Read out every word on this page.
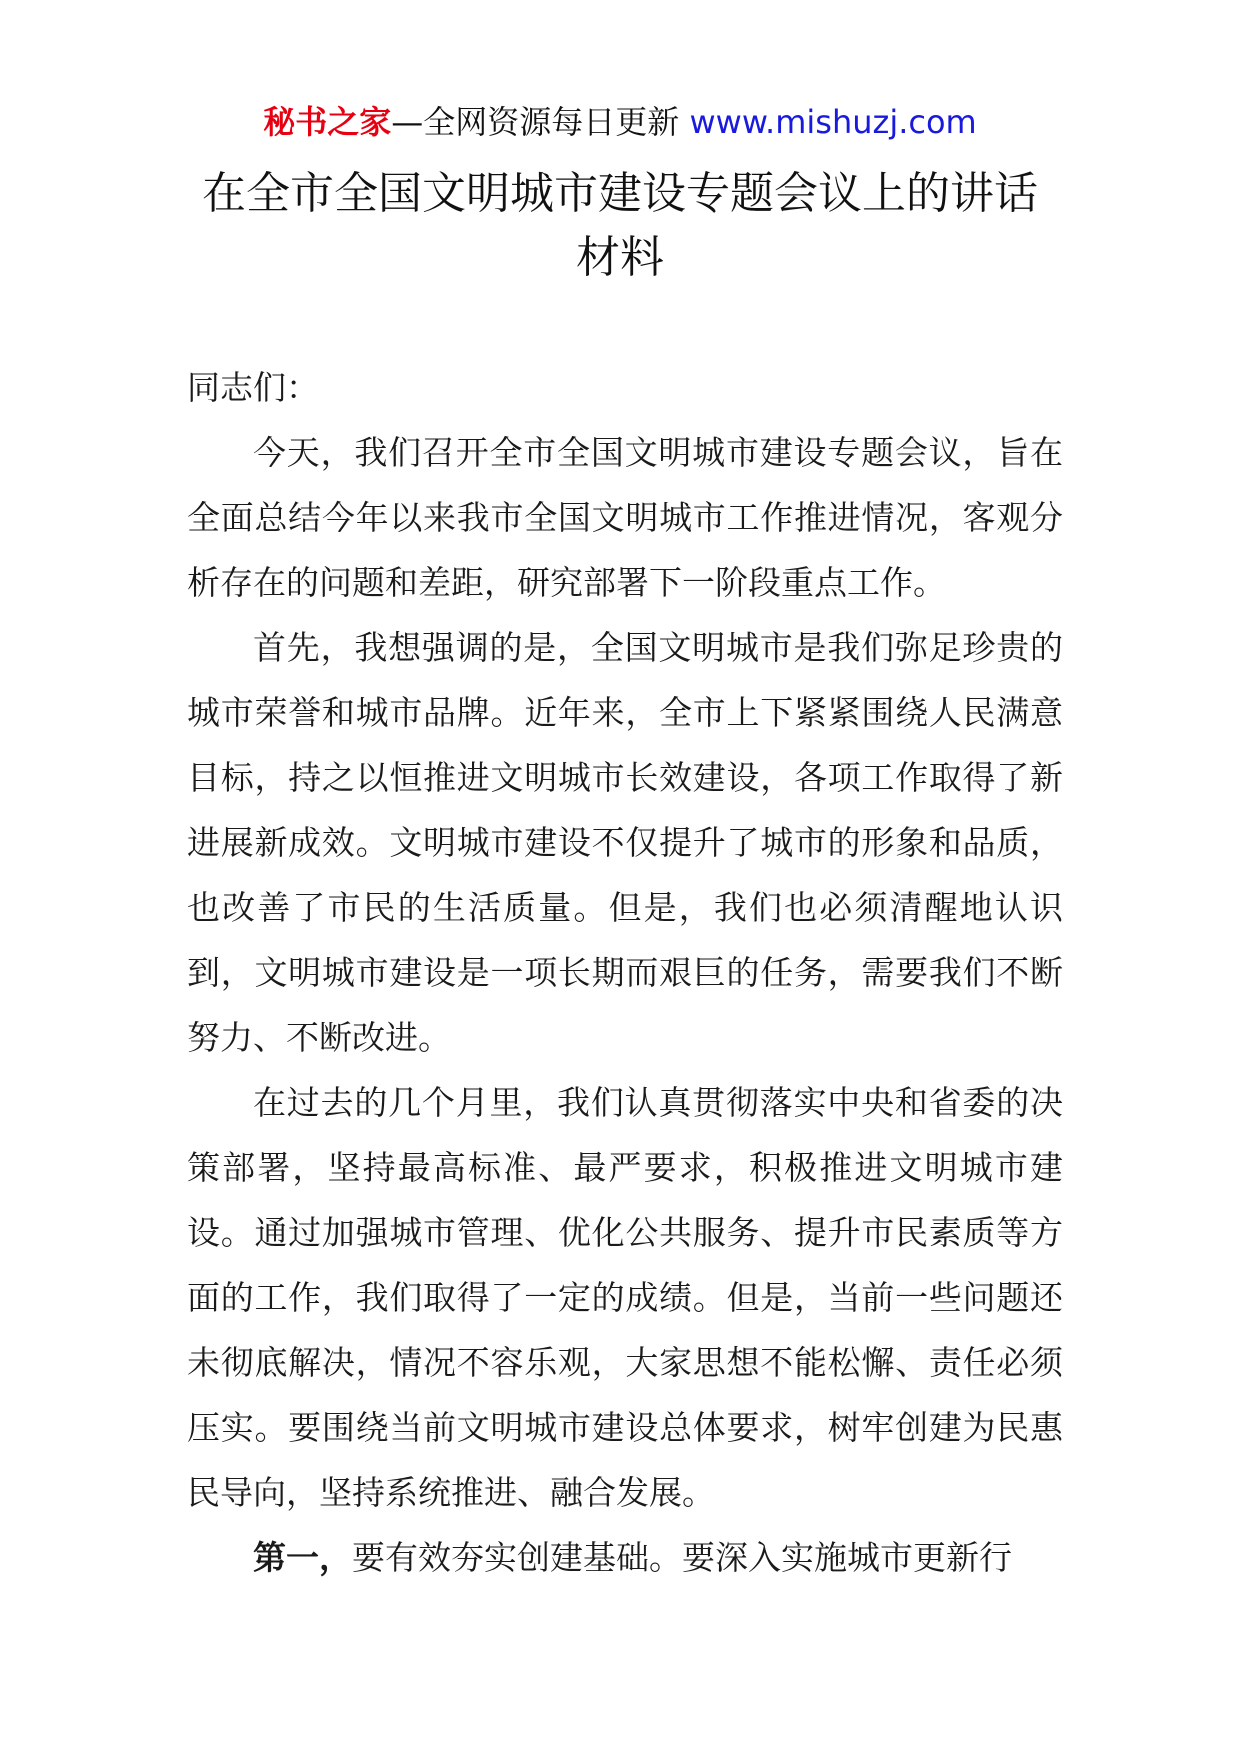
秘书之家—全网资源每日更新 www.mishuzj.com
在全市全国文明城市建设专题会议上的讲话
材料

同志们：

今天，我们召开全市全国文明城市建设专题会议，旨在全面总结今年以来我市全国文明城市工作推进情况，客观分析存在的问题和差距，研究部署下一阶段重点工作。

首先，我想强调的是，全国文明城市是我们弥足珍贵的城市荣誉和城市品牌。近年来，全市上下紧紧围绕人民满意目标，持之以恒推进文明城市长效建设，各项工作取得了新进展新成效。文明城市建设不仅提升了城市的形象和品质，也改善了市民的生活质量。但是，我们也必须清醒地认识到，文明城市建设是一项长期而艰巨的任务，需要我们不断努力、不断改进。

在过去的几个月里，我们认真贯彻落实中央和省委的决策部署，坚持最高标准、最严要求，积极推进文明城市建设。通过加强城市管理、优化公共服务、提升市民素质等方面的工作，我们取得了一定的成绩。但是，当前一些问题还未彻底解决，情况不容乐观，大家思想不能松懈、责任必须压实。要围绕当前文明城市建设总体要求，树牢创建为民惠民导向，坚持系统推进、融合发展。

第一，要有效夯实创建基础。要深入实施城市更新行
